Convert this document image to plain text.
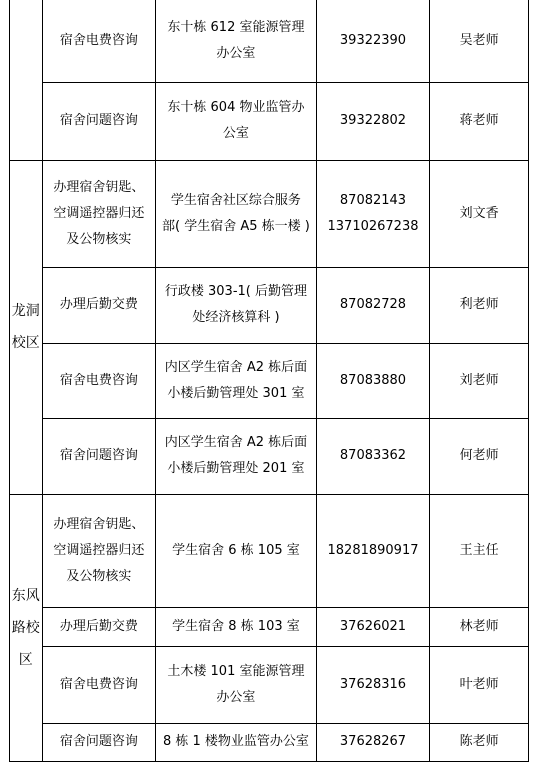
	宿舍电费咨询	东十栋 612 室能源管理
办公室	39322390	吴老师

	宿舍问题咨询	东十栋 604 物业监管办
公室	39322802	蒋老师

龙洞
校区	办理宿舍钥匙、
空调遥控器归还
及公物核实	学生宿舍社区综合服务
部( 学生宿舍 A5 栋一楼 )	87082143
13710267238	刘文香

	办理后勤交费	行政楼 303-1( 后勤管理
处经济核算科 )	87082728	利老师

	宿舍电费咨询	内区学生宿舍 A2 栋后面
小楼后勤管理处 301 室	87083880	刘老师

	宿舍问题咨询	内区学生宿舍 A2 栋后面
小楼后勤管理处 201 室	87083362	何老师

东风
路校
区	办理宿舍钥匙、
空调遥控器归还
及公物核实	学生宿舍 6 栋 105 室	18281890917	王主任

	办理后勤交费	学生宿舍 8 栋 103 室	37626021	林老师

	宿舍电费咨询	土木楼 101 室能源管理
办公室	37628316	叶老师

	宿舍问题咨询	8 栋 1 楼物业监管办公室	37628267	陈老师
